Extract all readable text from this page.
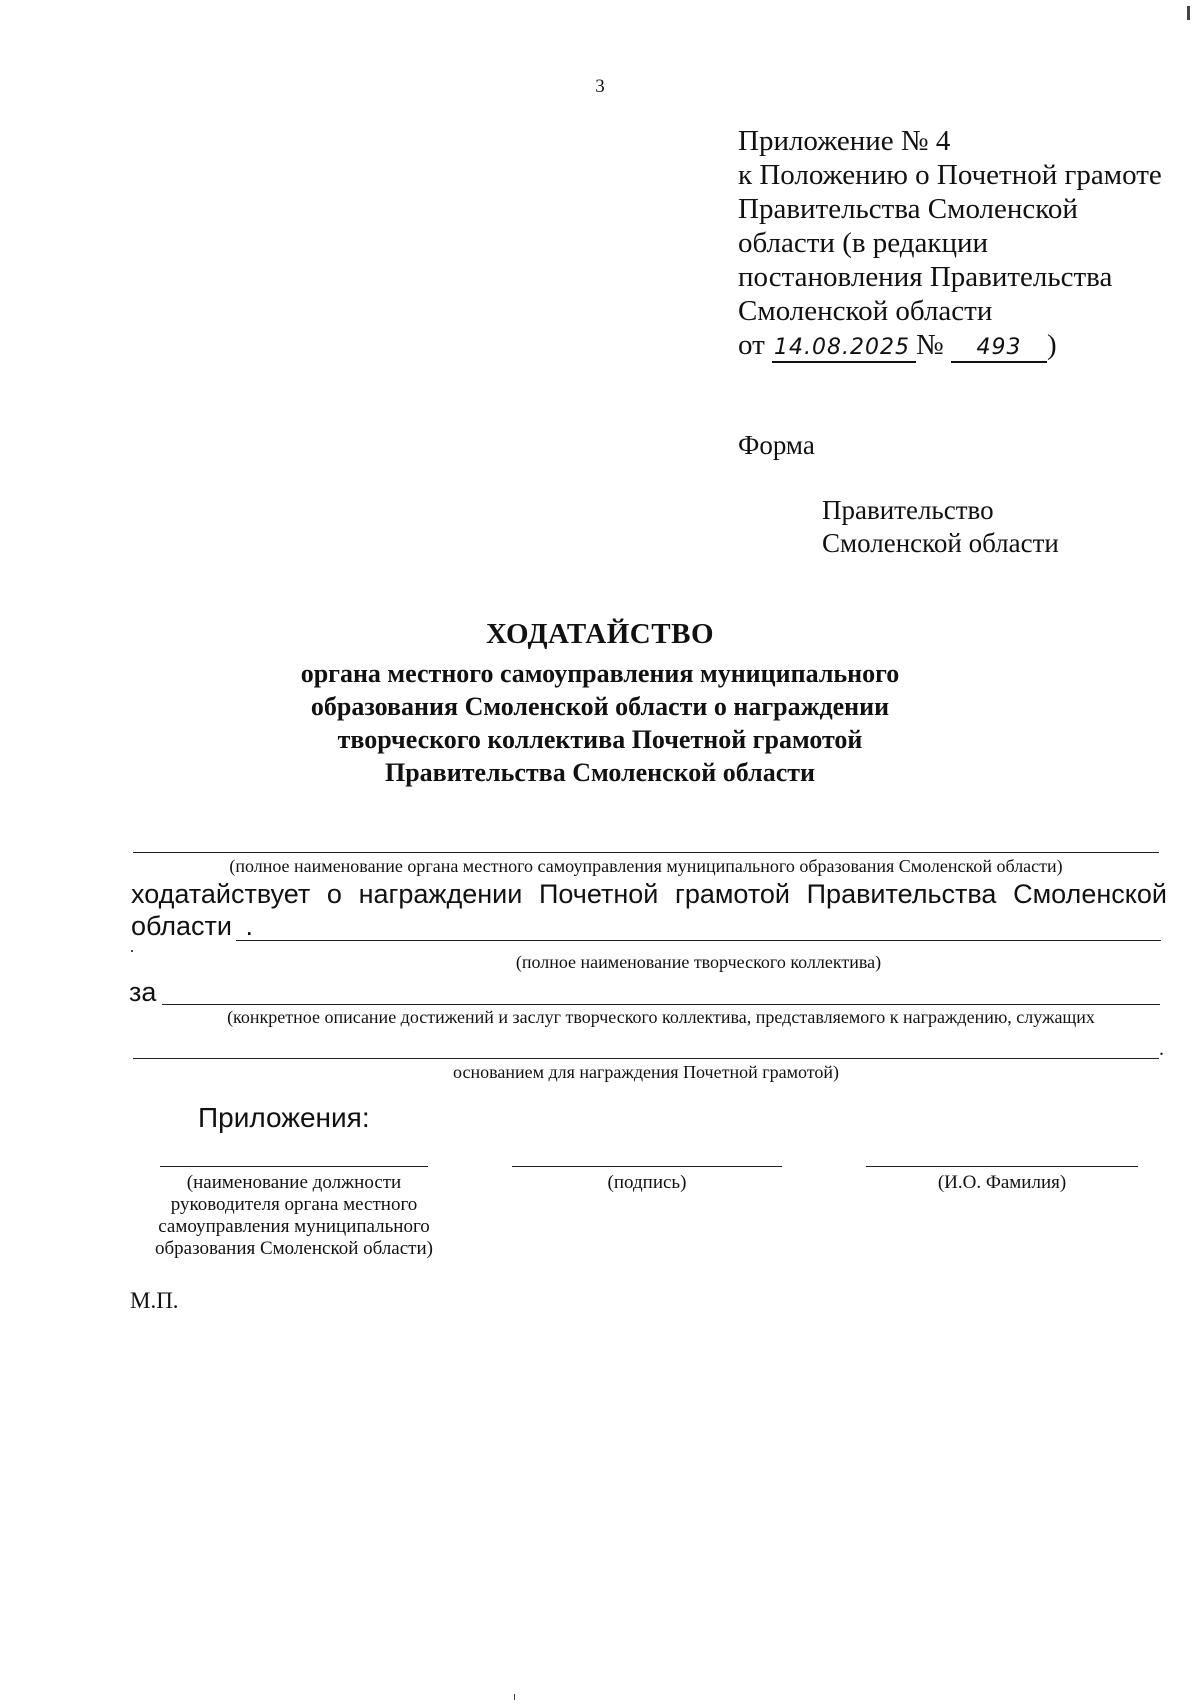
3
Приложение № 4
к Положению о Почетной грамоте
Правительства Смоленской
области (в редакции
постановления Правительства
Смоленской области
от 14.08.2025 № 493 )
Форма
Правительство
Смоленской области
ХОДАТАЙСТВО
органа местного самоуправления муниципального
образования Смоленской области о награждении
творческого коллектива Почетной грамотой
Правительства Смоленской области
(полное наименование органа местного самоуправления муниципального образования Смоленской области)
ходатайствует о награждении Почетной грамотой Правительства Смоленской
области .
(полное наименование творческого коллектива)
за
(конкретное описание достижений и заслуг творческого коллектива, представляемого к награждению, служащих
.
основанием для награждения Почетной грамотой)
Приложения:
(наименование должности
руководителя органа местного
самоуправления муниципального
образования Смоленской области)
(подпись)	(И.О. Фамилия)
М.П.
